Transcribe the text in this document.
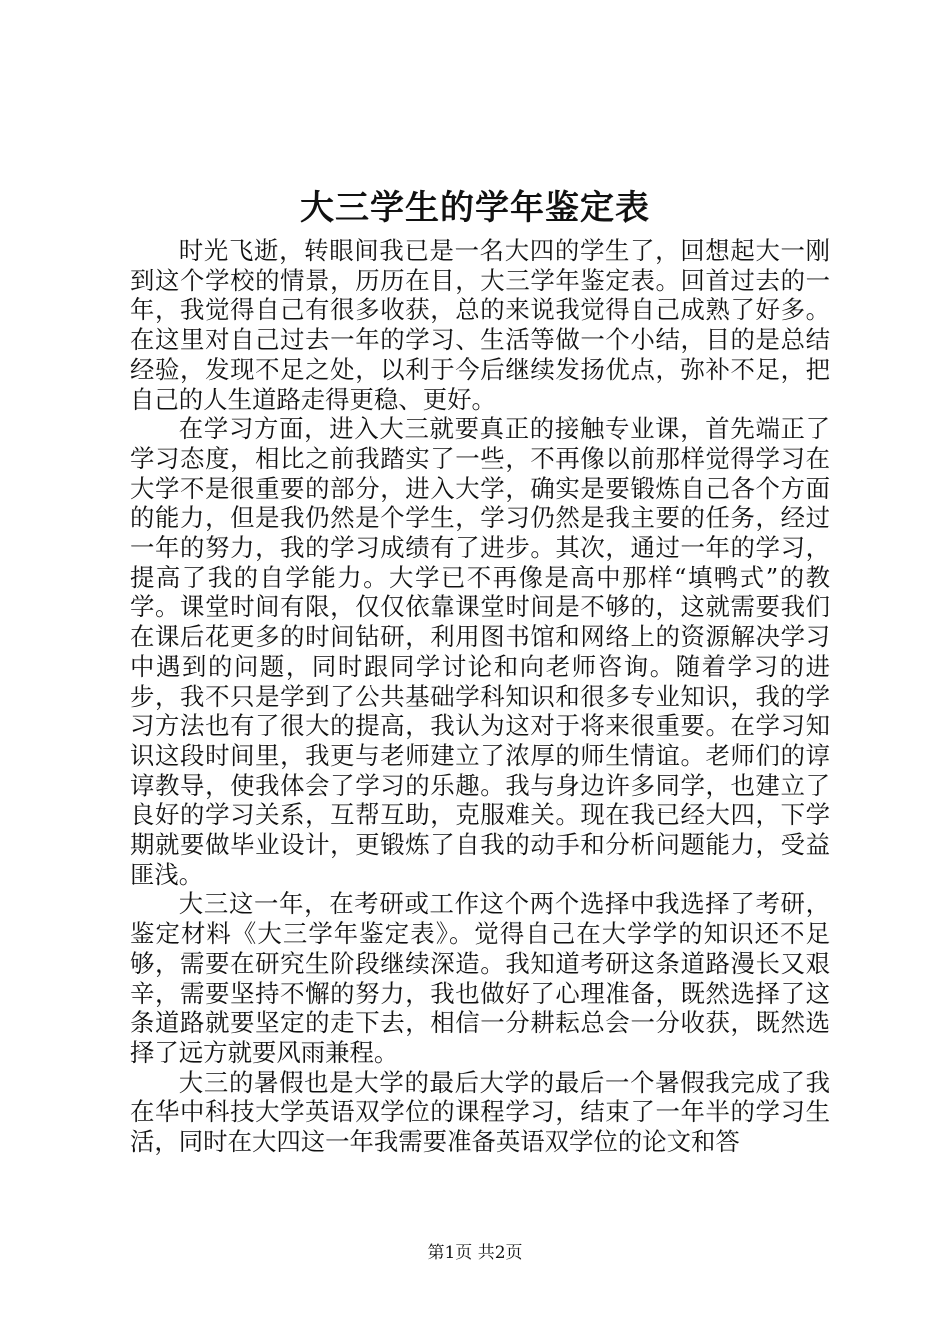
大三学生的学年鉴定表

时光飞逝，转眼间我已是一名大四的学生了，回想起大一刚到这个学校的情景，历历在目，大三学年鉴定表。回首过去的一年，我觉得自己有很多收获，总的来说我觉得自己成熟了好多。在这里对自己过去一年的学习、生活等做一个小结，目的是总结经验，发现不足之处，以利于今后继续发扬优点，弥补不足，把自己的人生道路走得更稳、更好。

在学习方面，进入大三就要真正的接触专业课，首先端正了学习态度，相比之前我踏实了一些，不再像以前那样觉得学习在大学不是很重要的部分，进入大学，确实是要锻炼自己各个方面的能力，但是我仍然是个学生，学习仍然是我主要的任务，经过一年的努力，我的学习成绩有了进步。其次，通过一年的学习，提高了我的自学能力。大学已不再像是高中那样“填鸭式”的教学。课堂时间有限，仅仅依靠课堂时间是不够的，这就需要我们在课后花更多的时间钻研，利用图书馆和网络上的资源解决学习中遇到的问题，同时跟同学讨论和向老师咨询。随着学习的进步，我不只是学到了公共基础学科知识和很多专业知识，我的学习方法也有了很大的提高，我认为这对于将来很重要。在学习知识这段时间里，我更与老师建立了浓厚的师生情谊。老师们的谆谆教导，使我体会了学习的乐趣。我与身边许多同学，也建立了良好的学习关系，互帮互助，克服难关。现在我已经大四，下学期就要做毕业设计，更锻炼了自我的动手和分析问题能力，受益匪浅。

大三这一年，在考研或工作这个两个选择中我选择了考研，鉴定材料《大三学年鉴定表》。觉得自己在大学学的知识还不足够，需要在研究生阶段继续深造。我知道考研这条道路漫长又艰辛，需要坚持不懈的努力，我也做好了心理准备，既然选择了这条道路就要坚定的走下去，相信一分耕耘总会一分收获，既然选择了远方就要风雨兼程。

大三的暑假也是大学的最后大学的最后一个暑假我完成了我在华中科技大学英语双学位的课程学习，结束了一年半的学习生活，同时在大四这一年我需要准备英语双学位的论文和答

第1页 共2页
